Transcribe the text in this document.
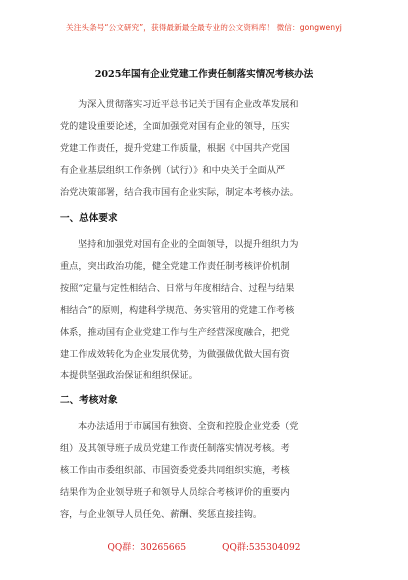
关注头条号“公文研究”，获得最新最全最专业的公文资料库！ 微信：gongwenyj
2025年国有企业党建工作责任制落实情况考核办法
为深入贯彻落实习近平总书记关于国有企业改革发展和
党的建设重要论述，全面加强党对国有企业的领导，压实
党建工作责任，提升党建工作质量，根据《中国共产党国
有企业基层组织工作条例（试行）》和中央关于全面从严
治党决策部署，结合我市国有企业实际，制定本考核办法。
一、总体要求
坚持和加强党对国有企业的全面领导，以提升组织力为
重点，突出政治功能，健全党建工作责任制考核评价机制
按照“定量与定性相结合、日常与年度相结合、过程与结果
相结合”的原则，构建科学规范、务实管用的党建工作考核
体系，推动国有企业党建工作与生产经营深度融合，把党
建工作成效转化为企业发展优势，为做强做优做大国有资
本提供坚强政治保证和组织保证。
二、考核对象
本办法适用于市属国有独资、全资和控股企业党委（党
组）及其领导班子成员党建工作责任制落实情况考核。考
核工作由市委组织部、市国资委党委共同组织实施，考核
结果作为企业领导班子和领导人员综合考核评价的重要内
容，与企业领导人员任免、薪酬、奖惩直接挂钩。
QQ群：30265665	QQ群:535304092
